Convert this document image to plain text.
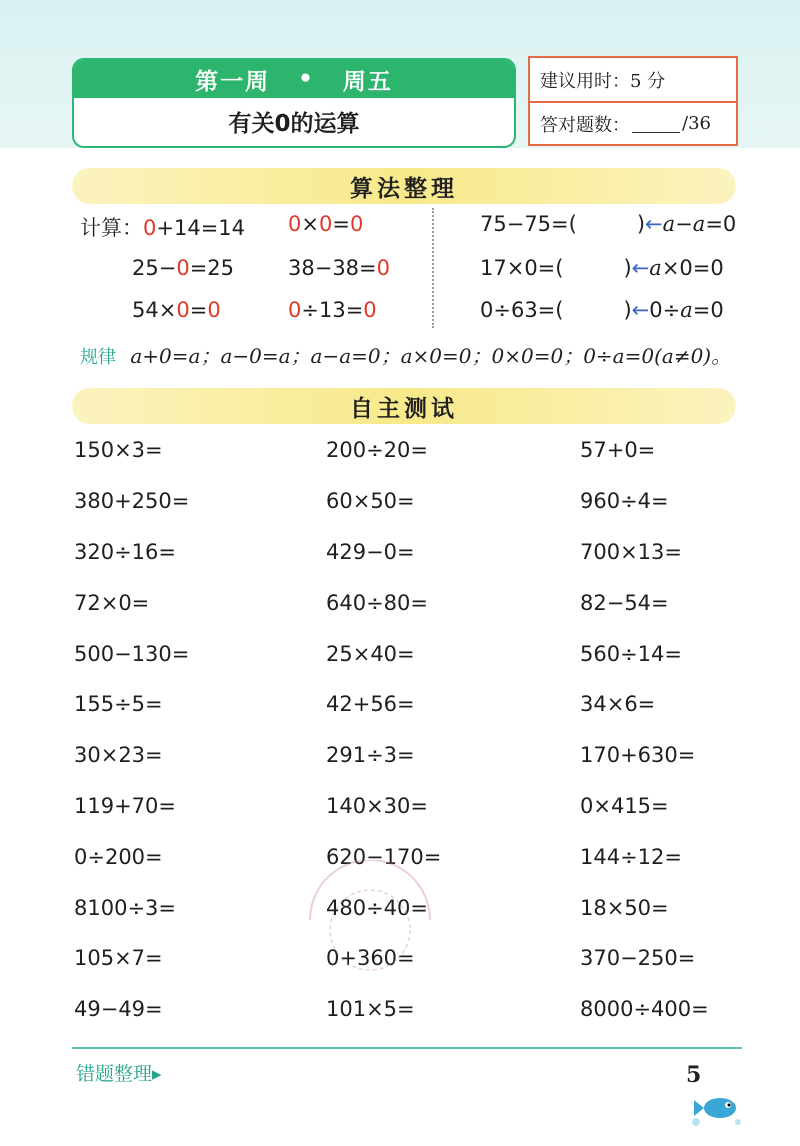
第一周 • 周五
有关0的运算
建议用时：5 分
答对题数：	/36
算法整理
计算：0+14=14 0×0=0	75−75=(	)←a−a=0
25−0=25	38−38=0	17×0=(	)←a×0=0
54×0=0	0÷13=0	0÷63=(	)←0÷a=0
规律 a+0=a；a−0=a；a−a=0；a×0=0；0×0=0；0÷a=0(a≠0)。
自主测试
150×3=	200÷20=	57+0=
380+250=	60×50=	960÷4=
320÷16=	429−0=	700×13=
72×0=	640÷80=	82−54=
500−130=	25×40=	560÷14=
155÷5=	42+56=	34×6=
30×23=	291÷3=	170+630=
119+70=	140×30=	0×415=
0÷200=	620−170=	144÷12=
8100÷3=	480÷40=	18×50=
105×7=	0+360=	370−250=
49−49=	101×5=	8000÷400=
错题整理▸	5
